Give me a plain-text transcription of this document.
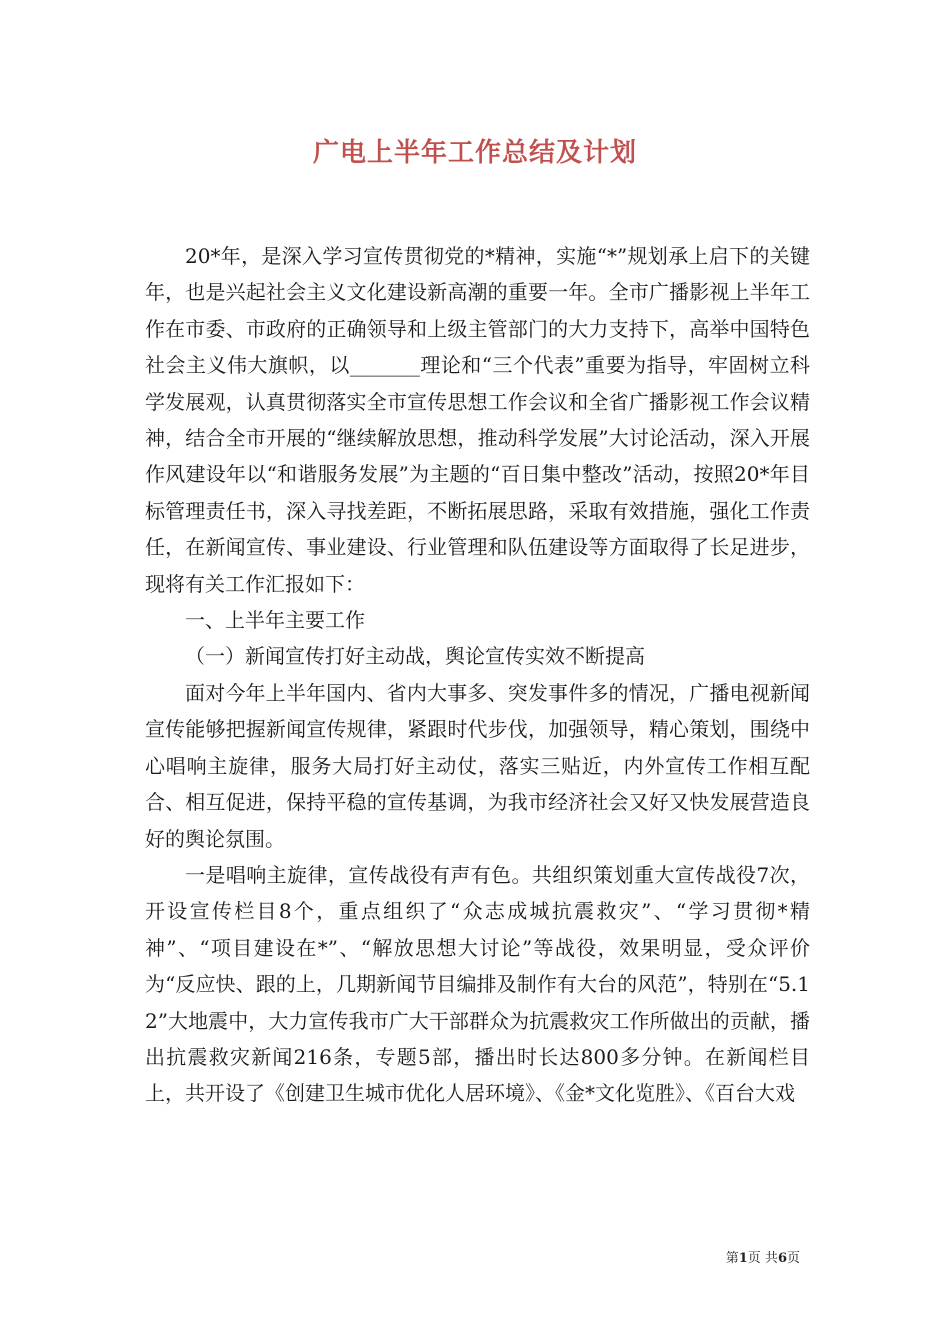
广电上半年工作总结及计划

20*年，是深入学习宣传贯彻党的*精神，实施“*”规划承上启下的关键年，也是兴起社会主义文化建设新高潮的重要一年。全市广播影视上半年工作在市委、市政府的正确领导和上级主管部门的大力支持下，高举中国特色社会主义伟大旗帜，以_______理论和“三个代表”重要为指导，牢固树立科学发展观，认真贯彻落实全市宣传思想工作会议和全省广播影视工作会议精神，结合全市开展的“继续解放思想，推动科学发展”大讨论活动，深入开展作风建设年以“和谐服务发展”为主题的“百日集中整改”活动，按照20*年目标管理责任书，深入寻找差距，不断拓展思路，采取有效措施，强化工作责任，在新闻宣传、事业建设、行业管理和队伍建设等方面取得了长足进步，现将有关工作汇报如下：

一、上半年主要工作

（一）新闻宣传打好主动战，舆论宣传实效不断提高

面对今年上半年国内、省内大事多、突发事件多的情况，广播电视新闻宣传能够把握新闻宣传规律，紧跟时代步伐，加强领导，精心策划，围绕中心唱响主旋律，服务大局打好主动仗，落实三贴近，内外宣传工作相互配合、相互促进，保持平稳的宣传基调，为我市经济社会又好又快发展营造良好的舆论氛围。

一是唱响主旋律，宣传战役有声有色。共组织策划重大宣传战役7次，开设宣传栏目8个，重点组织了“众志成城抗震救灾”、“学习贯彻*精神”、“项目建设在*”、“解放思想大讨论”等战役，效果明显，受众评价为“反应快、跟的上，几期新闻节目编排及制作有大台的风范”，特别在“5.12”大地震中，大力宣传我市广大干部群众为抗震救灾工作所做出的贡献，播出抗震救灾新闻216条，专题5部，播出时长达800多分钟。在新闻栏目上，共开设了《创建卫生城市优化人居环境》、《金*文化览胜》、《百台大戏

第1页 共6页
